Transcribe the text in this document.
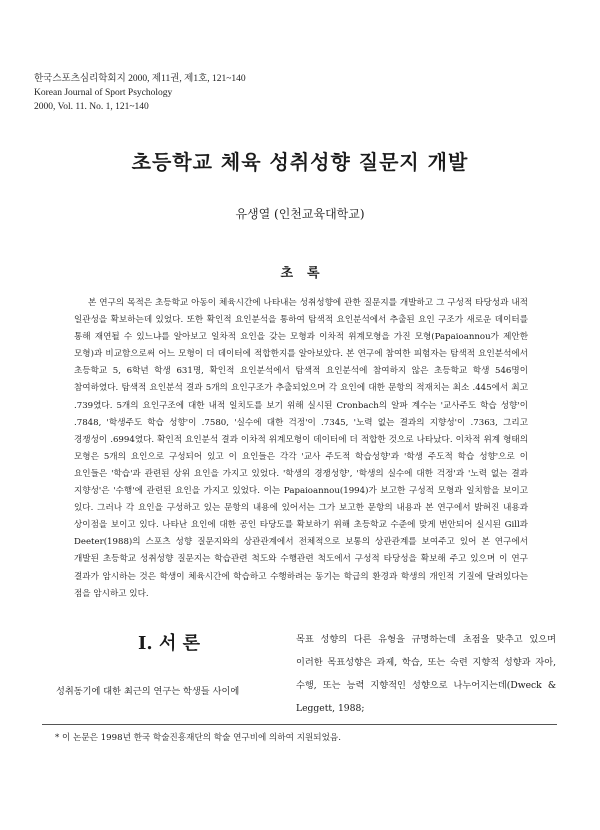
한국스포츠심리학회지 2000, 제11권, 제1호, 121~140
Korean Journal of Sport Psychology
2000, Vol. 11. No. 1, 121~140
초등학교 체육 성취성향 질문지 개발
유생열 (인천교육대학교)
초록

본 연구의 목적은 초등학교 아동이 체육시간에 나타내는 성취성향에 관한 질문지를 개발하고 그 구성적 타당성과 내적 일관성을 확보하는데 있었다. 또한 확인적 요인분석을 통하여 탐색적 요인분석에서 추출된 요인 구조가 새로운 데이터를 통해 재연될 수 있느냐를 알아보고 일차적 요인을 갖는 모형과 이차적 위계모형을 가진 모형(Papaioannou가 제안한 모형)과 비교함으로써 어느 모형이 더 데이터에 적합한지를 알아보았다. 본 연구에 참여한 피험자는 탐색적 요인분석에서 초등학교 5, 6학년 학생 631명, 확인적 요인분석에서 탐색적 요인분석에 참여하지 않은 초등학교 학생 546명이 참여하였다. 탐색적 요인분석 결과 5개의 요인구조가 추출되었으며 각 요인에 대한 문항의 적재치는 최소 .445에서 최고 .739였다. 5개의 요인구조에 대한 내적 일치도를 보기 위해 실시된 Cronbach의 알파 계수는 '교사주도 학습 성향'이 .7848, '학생주도 학습 성향'이 .7580, '실수에 대한 걱정'이 .7345, '노력 없는 결과의 지향성'이 .7363, 그리고 경쟁성이 .6994였다. 확인적 요인분석 결과 이차적 위계모형이 데이터에 더 적합한 것으로 나타났다. 이차적 위계 형태의 모형은 5개의 요인으로 구성되어 있고 이 요인들은 각각 '교사 주도적 학습성향'과 '학생 주도적 학습 성향'으로 이 요인들은 '학습'과 관련된 상위 요인을 가지고 있었다. '학생의 경쟁성향', '학생의 실수에 대한 걱정'과 '노력 없는 결과 지향성'은 '수행'에 관련된 요인을 가지고 있었다. 이는 Papaioannou(1994)가 보고한 구성적 모형과 일치함을 보이고 있다. 그러나 각 요인을 구성하고 있는 문항의 내용에 있어서는 그가 보고한 문항의 내용과 본 연구에서 밝혀진 내용과 상이점을 보이고 있다. 나타난 요인에 대한 공인 타당도를 확보하기 위해 초등학교 수준에 맞게 번안되어 실시된 Gill과 Deeter(1988)의 스포츠 성향 질문지와의 상관관계에서 전체적으로 보통의 상관관계를 보여주고 있어 본 연구에서 개발된 초등학교 성취성향 질문지는 학습관련 척도와 수행관련 척도에서 구성적 타당성을 확보해 주고 있으며 이 연구 결과가 암시하는 것은 학생이 체육시간에 학습하고 수행하려는 동기는 학급의 환경과 학생의 개인적 기질에 달려있다는 점을 암시하고 있다.

I. 서 론

성취동기에 대한 최근의 연구는 학생들 사이에

목표 성향의 다른 유형을 규명하는데 초점을 맞추고 있으며 이러한 목표성향은 과제, 학습, 또는 숙련 지향적 성향과 자아, 수행, 또는 능력 지향적인 성향으로 나누어지는데(Dweck & Leggett, 1988;

* 이 논문은 1998년 한국 학술진흥재단의 학술 연구비에 의하여 지원되었음.
